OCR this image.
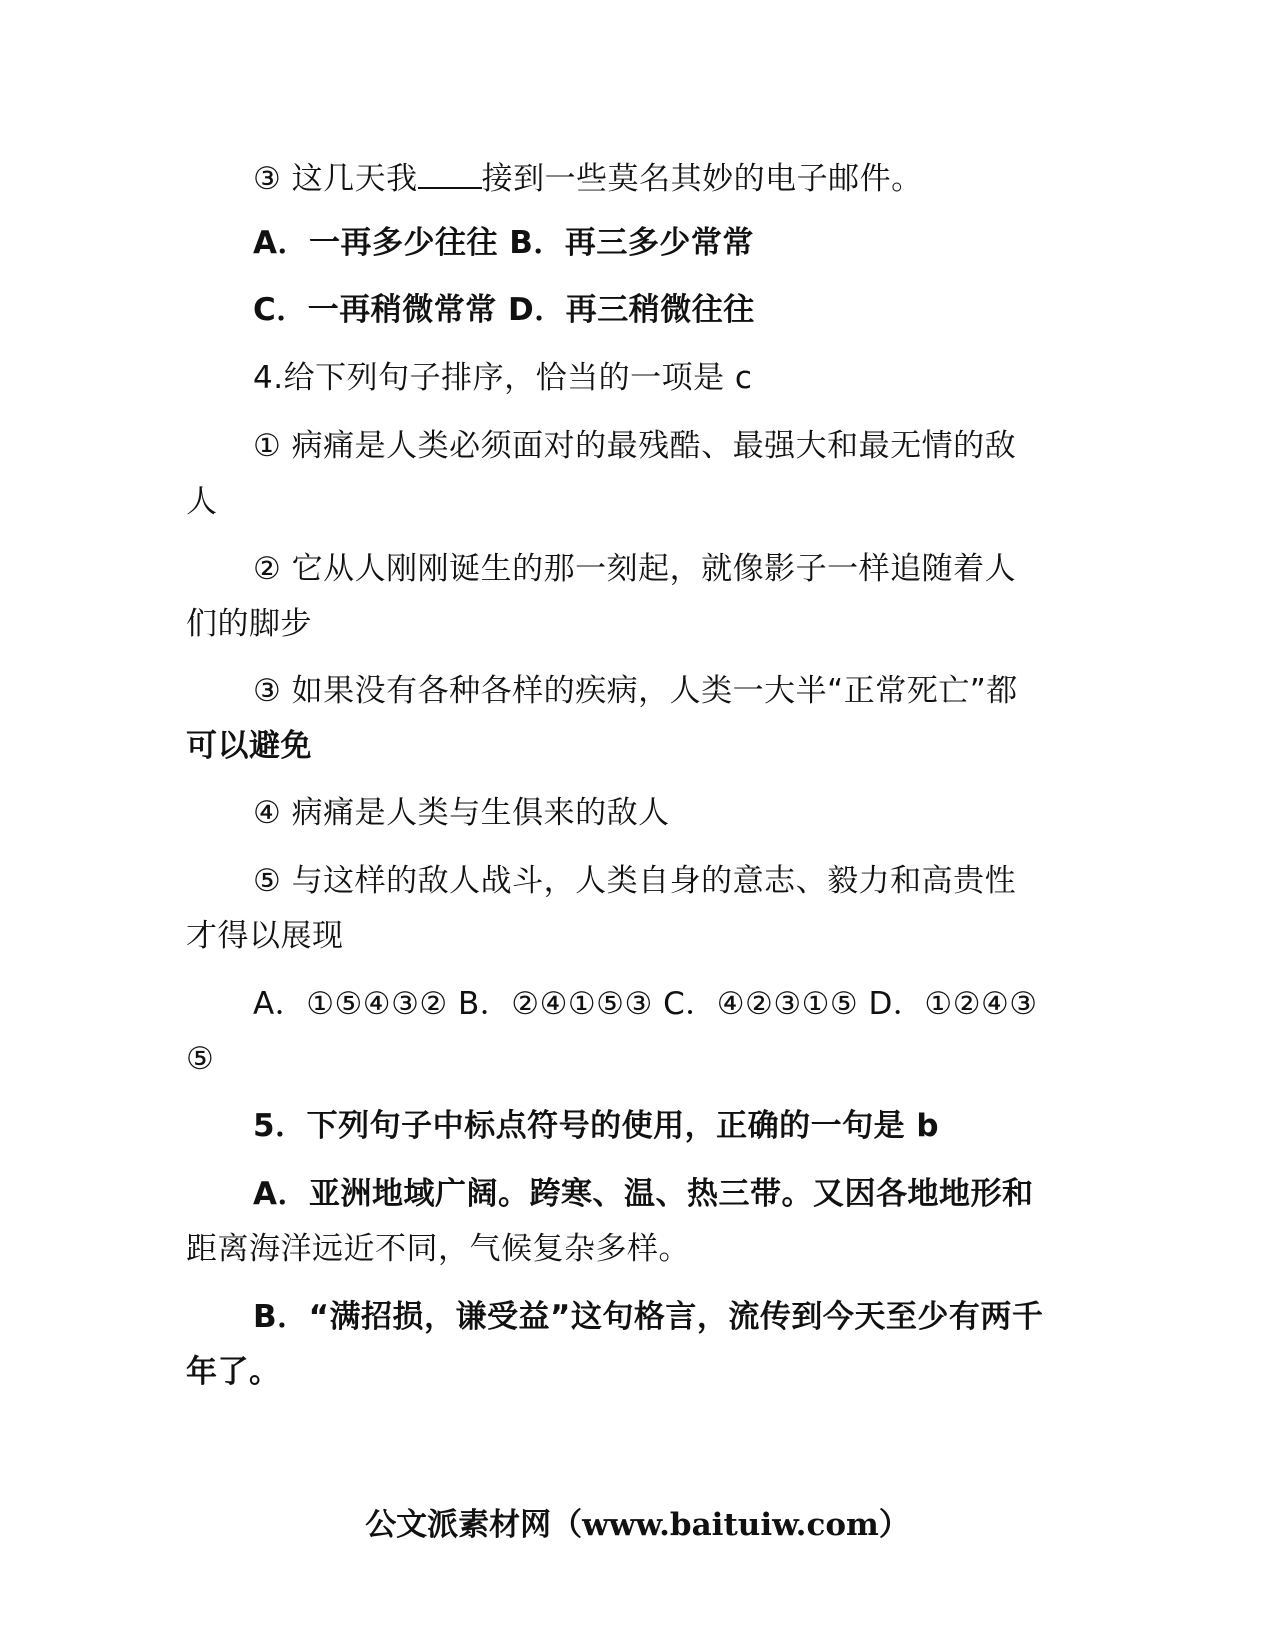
③ 这几天我 接到一些莫名其妙的电子邮件。
A．一再多少往往 B．再三多少常常
C．一再稍微常常 D．再三稍微往往
4.给下列句子排序，恰当的一项是 c
① 病痛是人类必须面对的最残酷、最强大和最无情的敌
人
② 它从人刚刚诞生的那一刻起，就像影子一样追随着人
们的脚步
③ 如果没有各种各样的疾病，人类一大半“正常死亡”都
可以避免
④ 病痛是人类与生俱来的敌人
⑤ 与这样的敌人战斗，人类自身的意志、毅力和高贵性
才得以展现
A．①⑤④③② B．②④①⑤③ C．④②③①⑤ D．①②④③
⑤
5．下列句子中标点符号的使用，正确的一句是 b
A．亚洲地域广阔。跨寒、温、热三带。又因各地地形和
距离海洋远近不同，气候复杂多样。
B．“满招损，谦受益”这句格言，流传到今天至少有两千
年了。
公文派素材网（www.baituiw.com）
